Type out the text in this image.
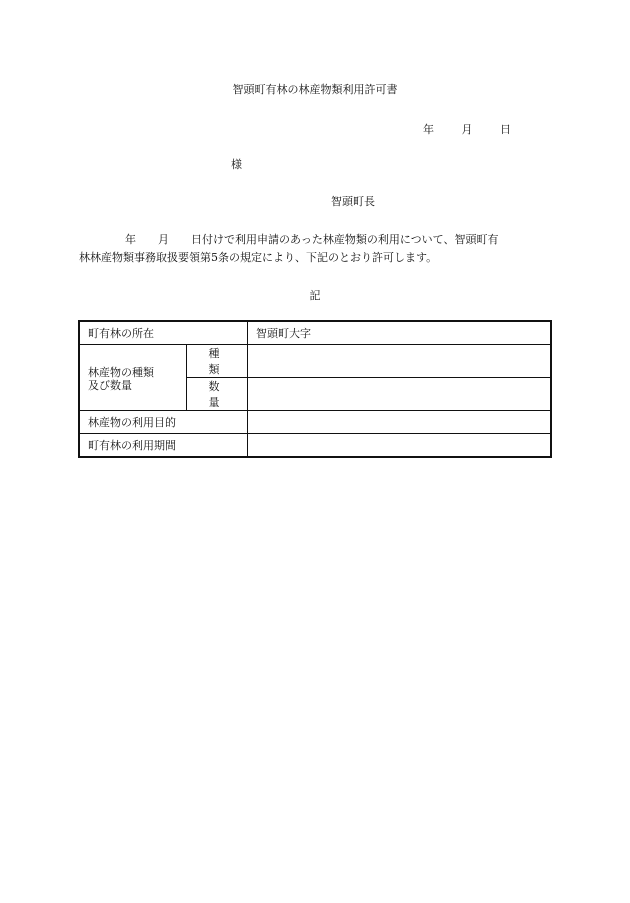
智頭町有林の林産物類利用許可書
年	月	日
様
智頭町長
年　　月　　日付けで利用申請のあった林産物類の利用について、智頭町有
林林産物類事務取扱要領第5条の規定により、下記のとおり許可します。
記
町有林の所在		智頭町大字

林産物の種類
及び数量	種類	
	数量	
林産物の利用目的		
町有林の利用期間		
